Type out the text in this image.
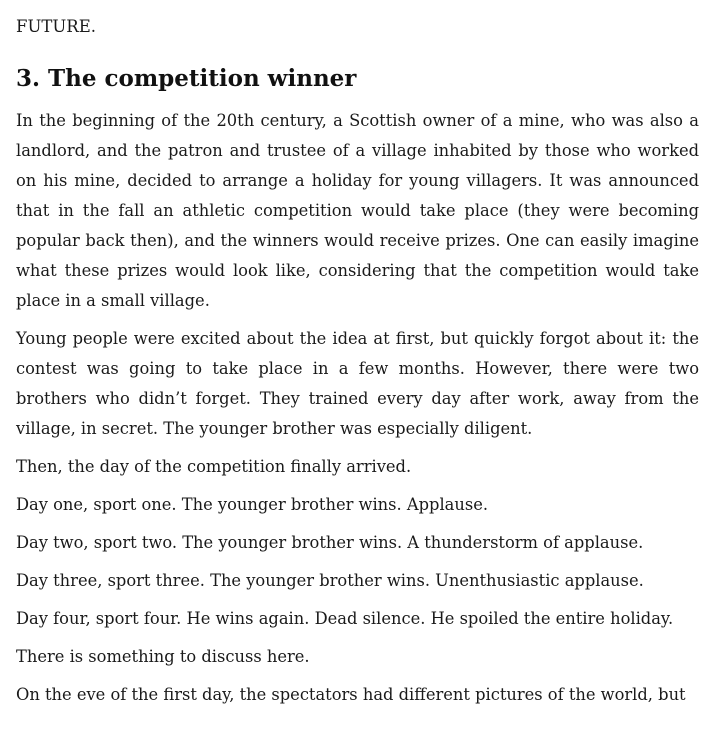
FUTURE.

3. The competition winner

In the beginning of the 20th century, a Scottish owner of a mine, who was also a landlord, and the patron and trustee of a village inhabited by those who worked on his mine, decided to arrange a holiday for young villagers. It was announced that in the fall an athletic competition would take place (they were becoming popular back then), and the winners would receive prizes. One can easily imagine what these prizes would look like, considering that the competition would take place in a small village.

Young people were excited about the idea at first, but quickly forgot about it: the contest was going to take place in a few months. However, there were two brothers who didn’t forget. They trained every day after work, away from the village, in secret. The younger brother was especially diligent.

Then, the day of the competition finally arrived.

Day one, sport one. The younger brother wins. Applause.

Day two, sport two. The younger brother wins. A thunderstorm of applause.

Day three, sport three. The younger brother wins. Unenthusiastic applause.

Day four, sport four. He wins again. Dead silence. He spoiled the entire holiday.

There is something to discuss here.

On the eve of the first day, the spectators had different pictures of the world, but
